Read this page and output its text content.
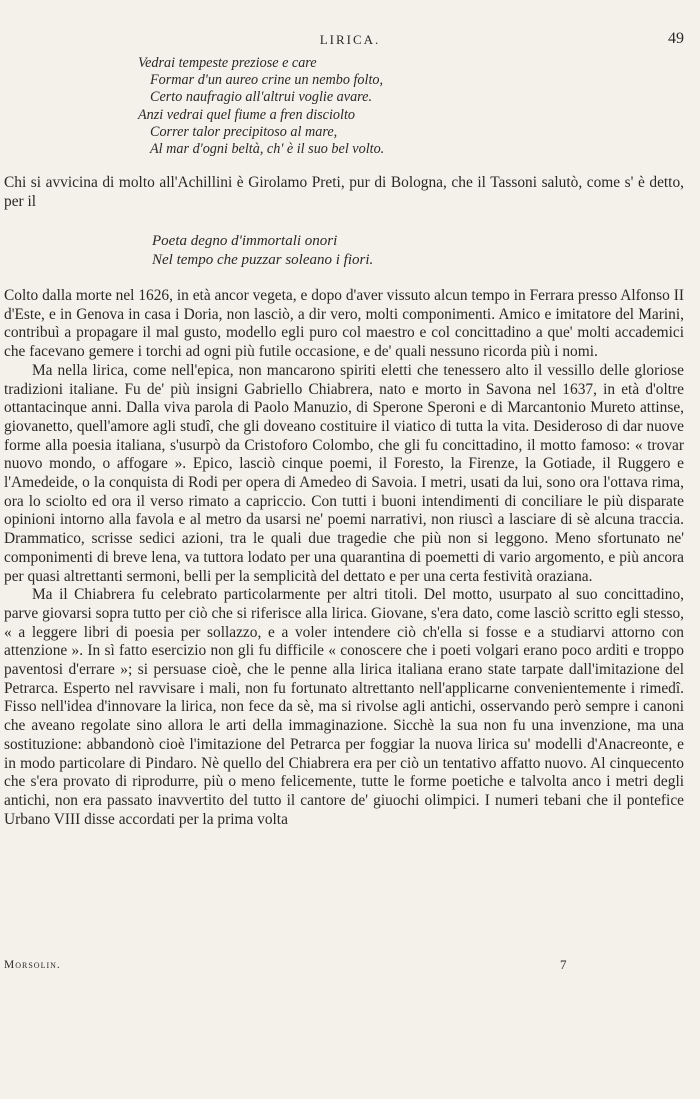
LIRICA.	49
Vedrai tempeste preziose e care
Formar d'un aureo crine un nembo folto,
Certo naufragio all'altrui voglie avare.
Anzi vedrai quel fiume a fren disciolto
Correr talor precipitoso al mare,
Al mar d'ogni beltà, ch' è il suo bel volto.

Chi si avvicina di molto all'Achillini è Girolamo Preti, pur di Bologna, che il Tassoni salutò, come s' è detto, per il

Poeta degno d'immortali onori
Nel tempo che puzzar soleano i fiori.

Colto dalla morte nel 1626, in età ancor vegeta, e dopo d'aver vissuto alcun tempo in Ferrara presso Alfonso II d'Este, e in Genova in casa i Doria, non lasciò, a dir vero, molti componimenti. Amico e imitatore del Marini, contribuì a propagare il mal gusto, modello egli puro col maestro e col concittadino a que' molti accademici che facevano gemere i torchi ad ogni più futile occasione, e de' quali nessuno ricorda più i nomi.

Ma nella lirica, come nell'epica, non mancarono spiriti eletti che tenessero alto il vessillo delle gloriose tradizioni italiane. Fu de' più insigni Gabriello Chiabrera, nato e morto in Savona nel 1637, in età d'oltre ottantacinque anni. Dalla viva parola di Paolo Manuzio, di Sperone Speroni e di Marcantonio Mureto attinse, giovanetto, quell'amore agli studî, che gli doveano costituire il viatico di tutta la vita. Desideroso di dar nuove forme alla poesia italiana, s'usurpò da Cristoforo Colombo, che gli fu concittadino, il motto famoso: « trovar nuovo mondo, o affogare ». Epico, lasciò cinque poemi, il Foresto, la Firenze, la Gotiade, il Ruggero e l'Amedeide, o la conquista di Rodi per opera di Amedeo di Savoia. I metri, usati da lui, sono ora l'ottava rima, ora lo sciolto ed ora il verso rimato a capriccio. Con tutti i buoni intendimenti di conciliare le più disparate opinioni intorno alla favola e al metro da usarsi ne' poemi narrativi, non riuscì a lasciare di sè alcuna traccia. Drammatico, scrisse sedici azioni, tra le quali due tragedie che più non si leggono. Meno sfortunato ne' componimenti di breve lena, va tuttora lodato per una quarantina di poemetti di vario argomento, e più ancora per quasi altrettanti sermoni, belli per la semplicità del dettato e per una certa festività oraziana.

Ma il Chiabrera fu celebrato particolarmente per altri titoli. Del motto, usurpato al suo concittadino, parve giovarsi sopra tutto per ciò che si riferisce alla lirica. Giovane, s'era dato, come lasciò scritto egli stesso, « a leggere libri di poesia per sollazzo, e a voler intendere ciò ch'ella si fosse e a studiarvi attorno con attenzione ». In sì fatto esercizio non gli fu difficile « conoscere che i poeti volgari erano poco arditi e troppo paventosi d'errare »; si persuase cioè, che le penne alla lirica italiana erano state tarpate dall'imitazione del Petrarca. Esperto nel ravvisare i mali, non fu fortunato altrettanto nell'applicarne convenientemente i rimedî. Fisso nell'idea d'innovare la lirica, non fece da sè, ma si rivolse agli antichi, osservando però sempre i canoni che aveano regolate sino allora le arti della immaginazione. Sicchè la sua non fu una invenzione, ma una sostituzione: abbandonò cioè l'imitazione del Petrarca per foggiar la nuova lirica su' modelli d'Anacreonte, e in modo particolare di Pindaro. Nè quello del Chiabrera era per ciò un tentativo affatto nuovo. Al cinquecento che s'era provato di riprodurre, più o meno felicemente, tutte le forme poetiche e talvolta anco i metri degli antichi, non era passato inavvertito del tutto il cantore de' giuochi olimpici. I numeri tebani che il pontefice Urbano VIII disse accordati per la prima volta

Morsolin.	7
